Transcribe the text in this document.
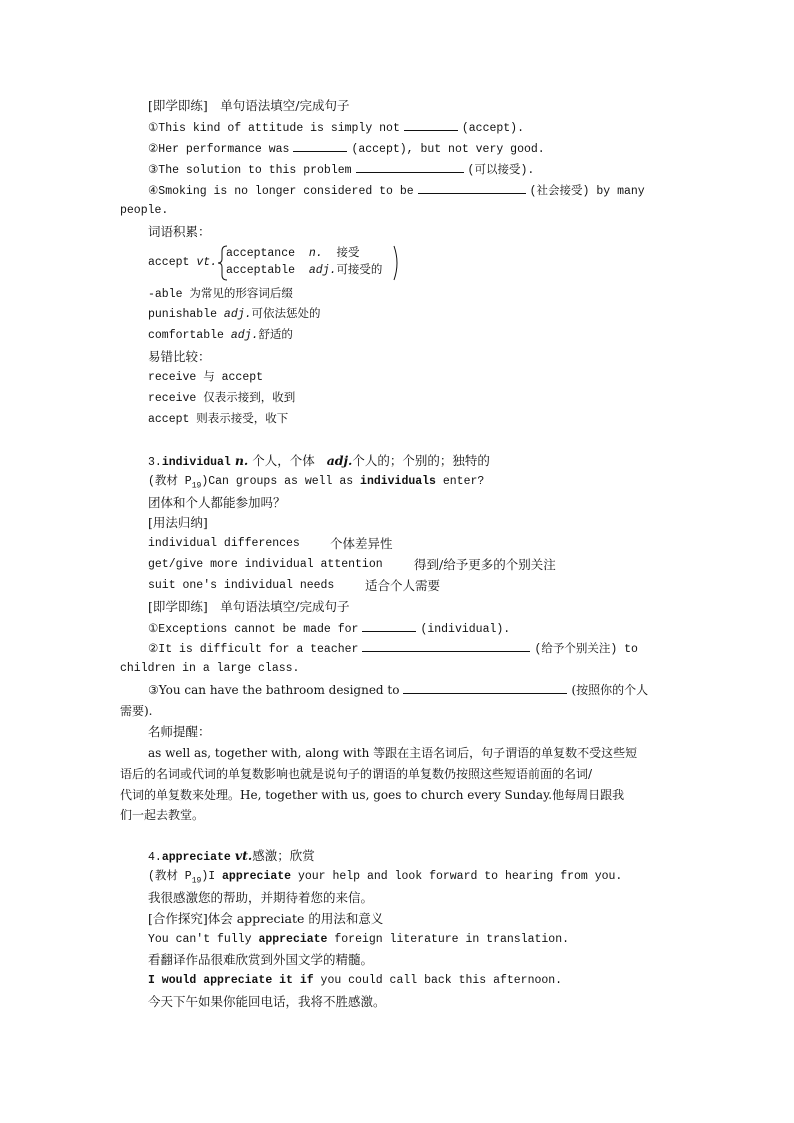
[即学即练]　单句语法填空/完成句子
①This kind of attitude is simply not	(accept).
②Her performance was	(accept), but not very good.
③The solution to this problem	(可以接受).
④Smoking is no longer considered to be	(社会接受) by many
people.
词语积累：
accept vt.
acceptance n. 接受
acceptable adj.可接受的
-able 为常见的形容词后缀
punishable adj.可依法惩处的
comfortable adj.舒适的
易错比较：
receive 与 accept
receive 仅表示接到，收到
accept 则表示接受，收下
3.individual n. 个人，个体 adj.个人的；个别的；独特的
(教材 $P_{19})Can$ groups as well as individuals enter?
团体和个人都能参加吗？
[用法归纳]
individual differences 个体差异性
get/give more individual attention	得到/给予更多的个别关注
suit one's individual needs 适合个人需要
[即学即练]　单句语法填空/完成句子
①Exceptions cannot be made for	(individual).
②It is difficult for a teacher	(给予个别关注) to
children in a large class.
③You can have the bathroom designed to	(按照你的个人
需要).
名师提醒：
as well as, together with, along with 等跟在主语名词后，句子谓语的单复数不受这些短
语后的名词或代词的单复数影响也就是说句子的谓语的单复数仍按照这些短语前面的名词/
代词的单复数来处理。He, together with us, goes to church every Sunday.他每周日跟我
们一起去教堂。
4.appreciate vt.感激；欣赏
(教材 $P_{19})I$ appreciate your help and look forward to hearing from you.
我很感激您的帮助，并期待着您的来信。
[合作探究]体会 appreciate 的用法和意义
You can't fully appreciate foreign literature in translation.
看翻译作品很难欣赏到外国文学的精髓。
I would appreciate it if you could call back this afternoon.
今天下午如果你能回电话，我将不胜感激。
